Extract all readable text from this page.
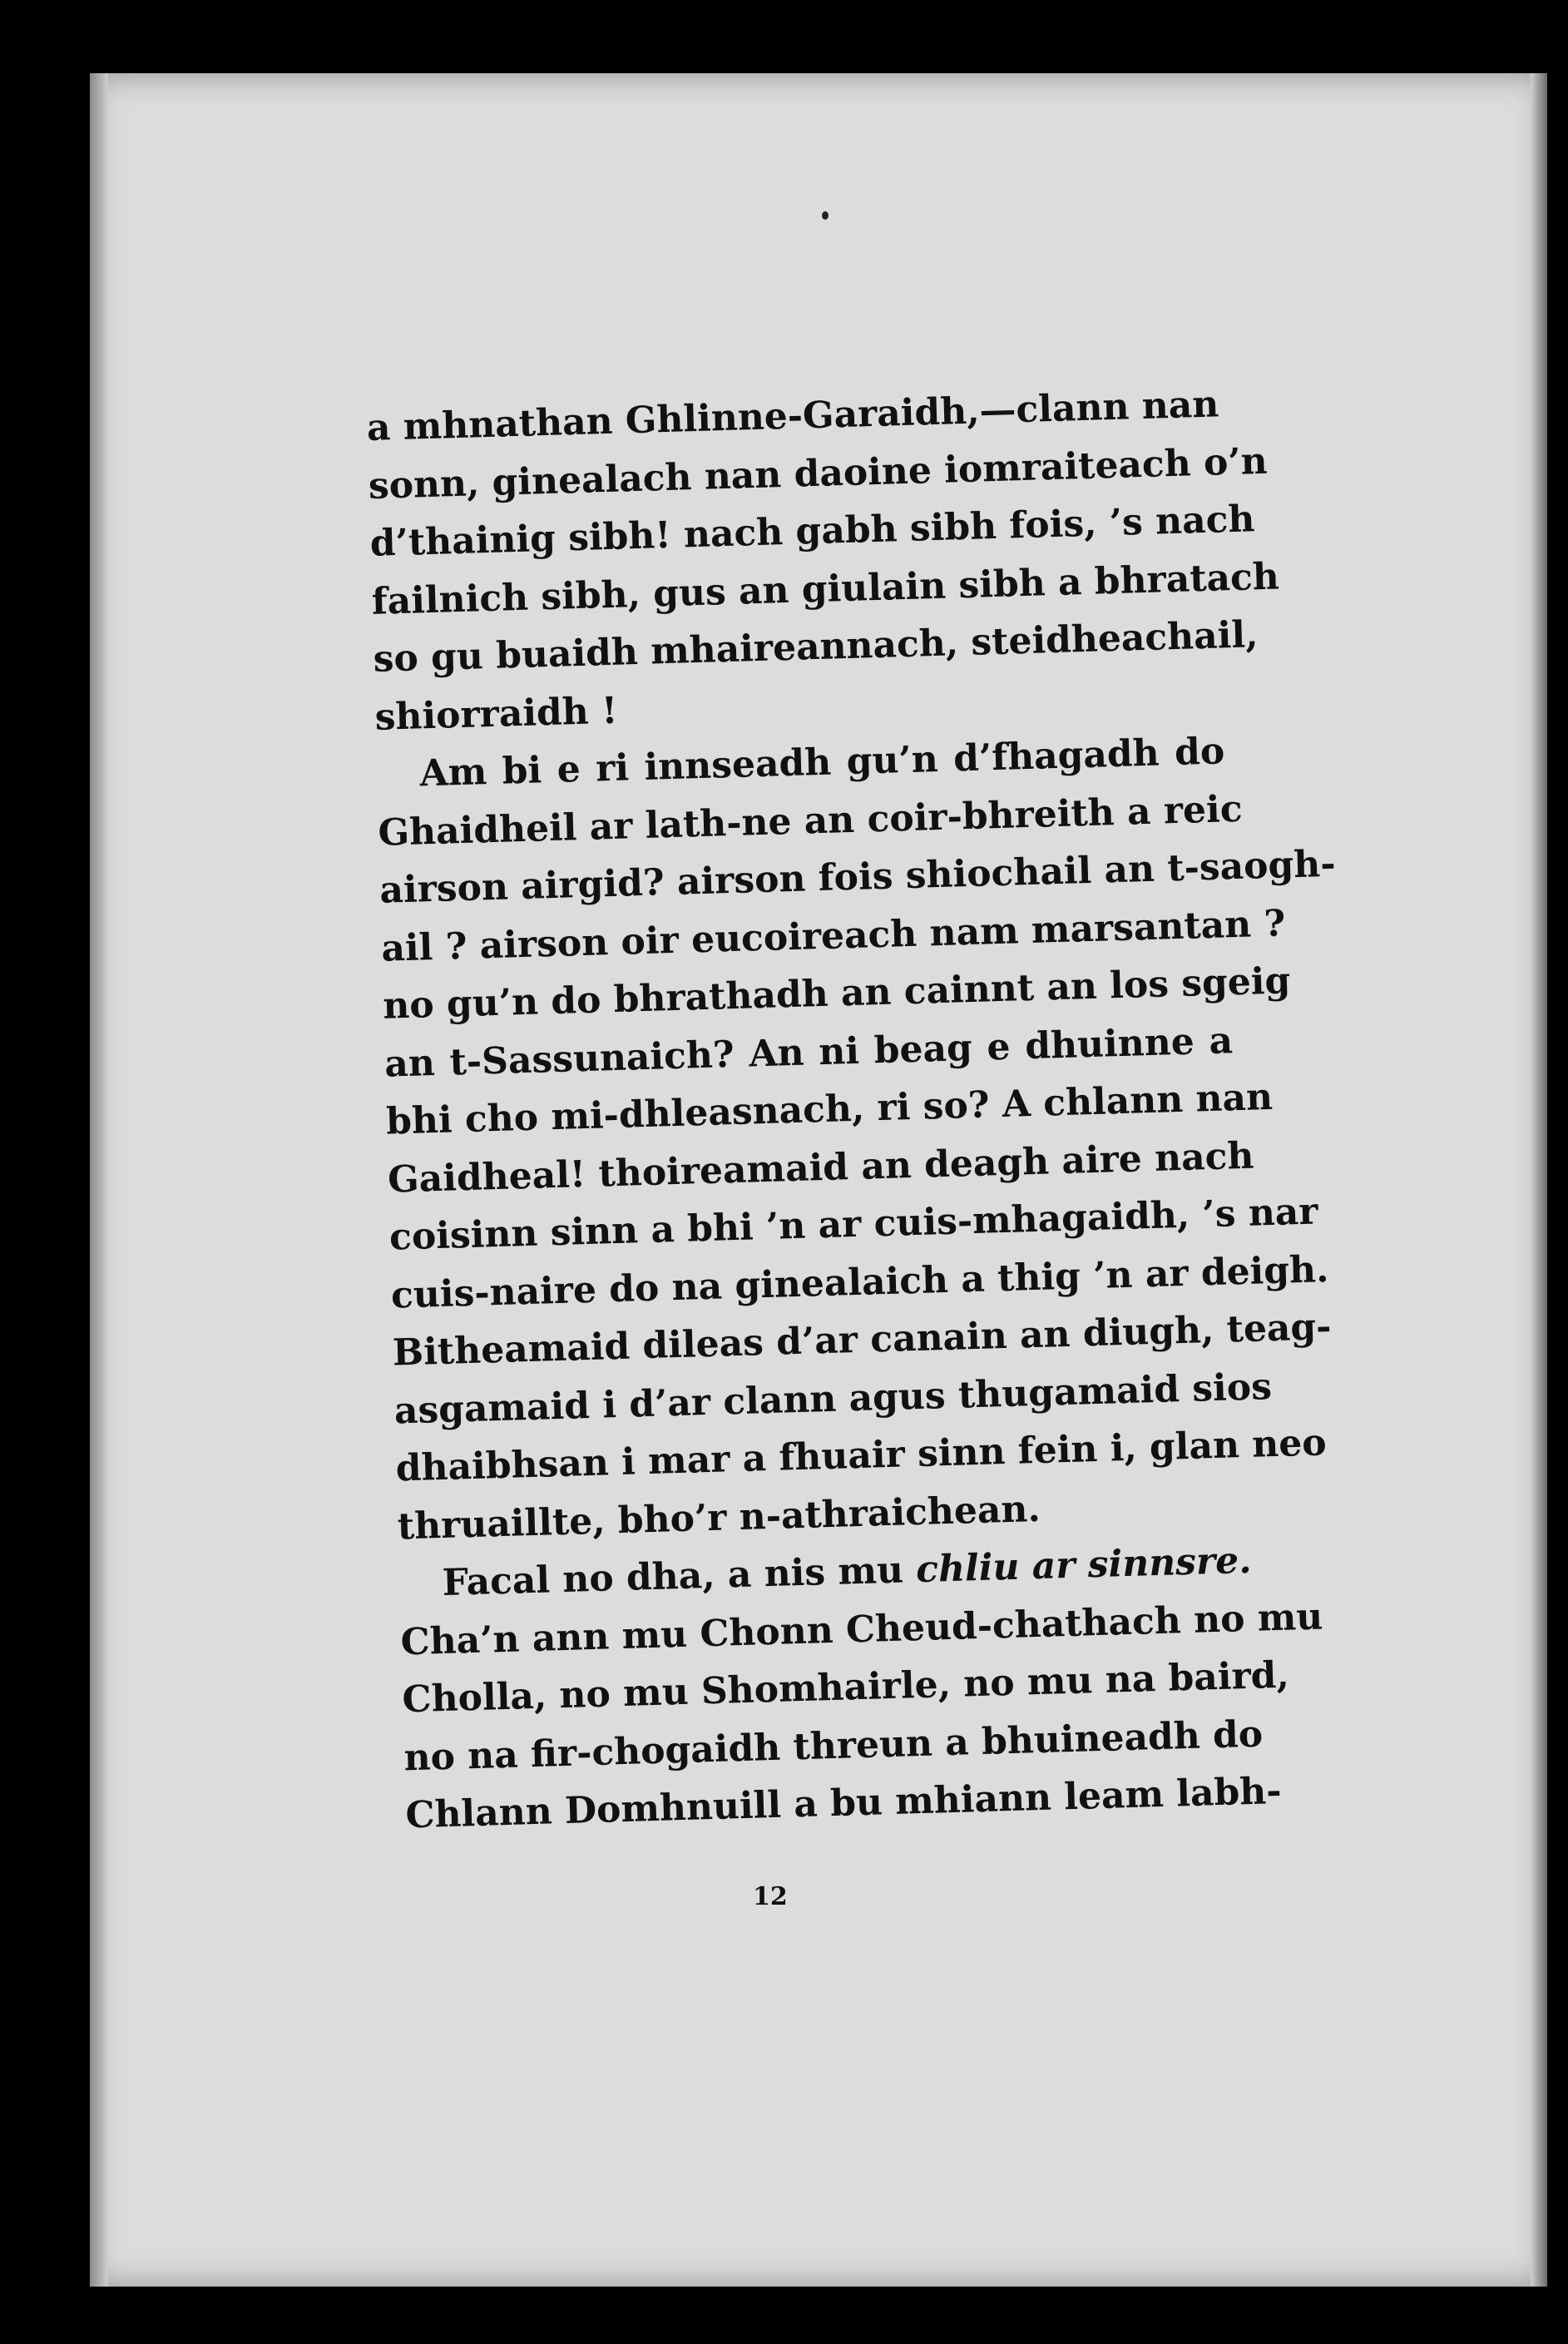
a mhnathan Ghlinne-Garaidh,—clann nan
sonn, ginealach nan daoine iomraiteach o’n
d’thainig sibh! nach gabh sibh fois, ’s nach
failnich sibh, gus an giulain sibh a bhratach
so gu buaidh mhaireannach, steidheachail,
shiorraidh !
Am bi e ri innseadh gu’n d’fhagadh do
Ghaidheil ar lath-ne an coir-bhreith a reic
airson airgid? airson fois shiochail an t-saogh-
ail ? airson oir eucoireach nam marsantan ?
no gu’n do bhrathadh an cainnt an los sgeig
an t-Sassunaich? An ni beag e dhuinne a
bhi cho mi-dhleasnach, ri so? A chlann nan
Gaidheal! thoireamaid an deagh aire nach
coisinn sinn a bhi ’n ar cuis-mhagaidh, ’s nar
cuis-naire do na ginealaich a thig ’n ar deigh.
Bitheamaid dileas d’ar canain an diugh, teag-
asgamaid i d’ar clann agus thugamaid sios
dhaibhsan i mar a fhuair sinn fein i, glan neo
thruaillte, bho’r n-athraichean.
Facal no dha, a nis mu chliu ar sinnsre.
Cha’n ann mu Chonn Cheud-chathach no mu
Cholla, no mu Shomhairle, no mu na baird,
no na fir-chogaidh threun a bhuineadh do
Chlann Domhnuill a bu mhiann leam labh-
12
